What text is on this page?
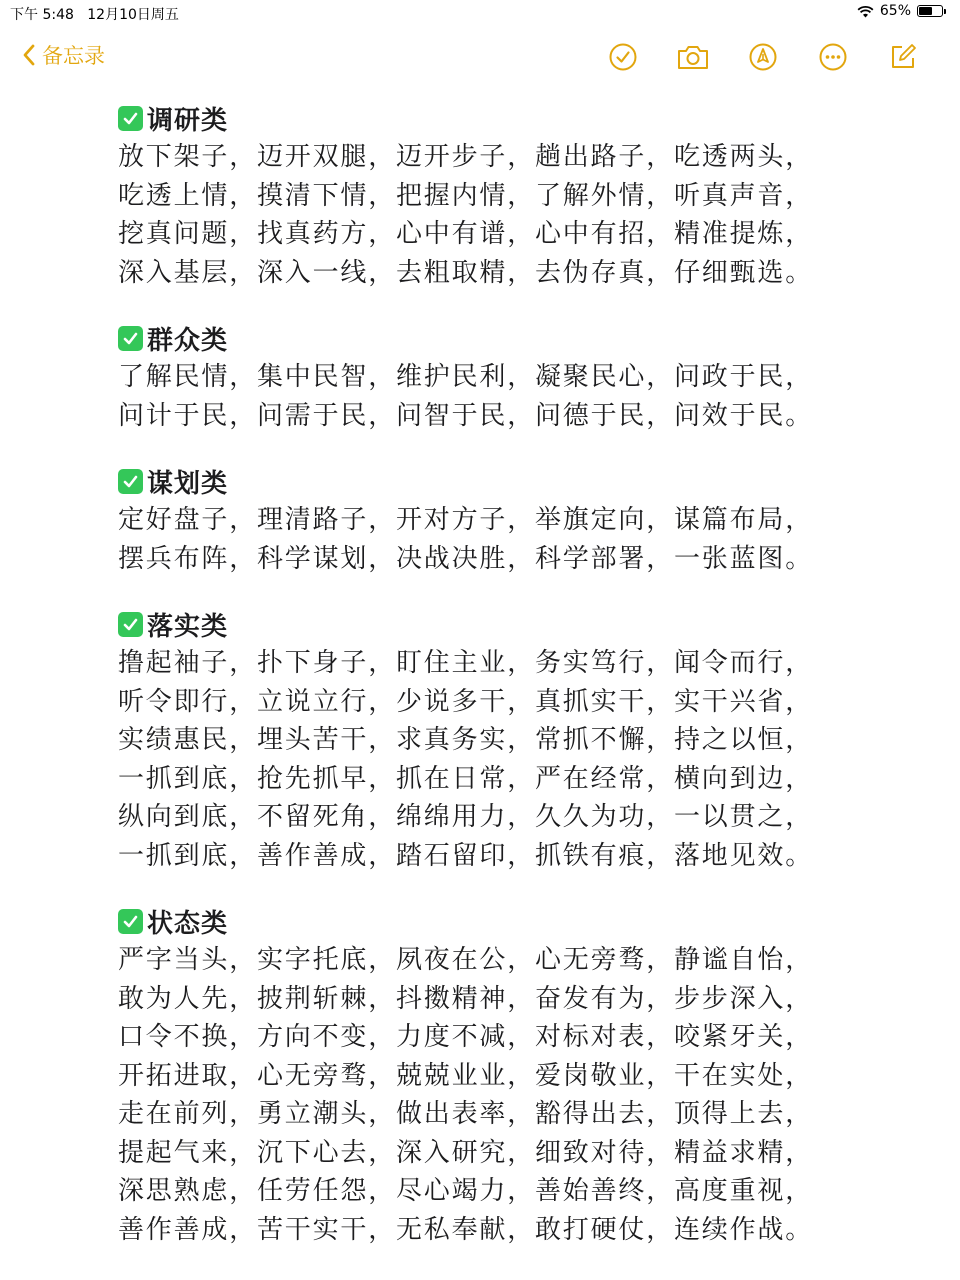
下午 5:48 12月10日周五	65%
备忘录
调研类
放下架子，迈开双腿，迈开步子，趟出路子，吃透两头，
吃透上情，摸清下情，把握内情，了解外情，听真声音，
挖真问题，找真药方，心中有谱，心中有招，精准提炼，
深入基层，深入一线，去粗取精，去伪存真，仔细甄选。
群众类
了解民情，集中民智，维护民利，凝聚民心，问政于民，
问计于民，问需于民，问智于民，问德于民，问效于民。
谋划类
定好盘子，理清路子，开对方子，举旗定向，谋篇布局，
摆兵布阵，科学谋划，决战决胜，科学部署，一张蓝图。
落实类
撸起袖子，扑下身子，盯住主业，务实笃行，闻令而行，
听令即行，立说立行，少说多干，真抓实干，实干兴省，
实绩惠民，埋头苦干，求真务实，常抓不懈，持之以恒，
一抓到底，抢先抓早，抓在日常，严在经常，横向到边，
纵向到底，不留死角，绵绵用力，久久为功，一以贯之，
一抓到底，善作善成，踏石留印，抓铁有痕，落地见效。
状态类
严字当头，实字托底，夙夜在公，心无旁骛，静谧自怡，
敢为人先，披荆斩棘，抖擞精神，奋发有为，步步深入，
口令不换，方向不变，力度不减，对标对表，咬紧牙关，
开拓进取，心无旁骛，兢兢业业，爱岗敬业，干在实处，
走在前列，勇立潮头，做出表率，豁得出去，顶得上去，
提起气来，沉下心去，深入研究，细致对待，精益求精，
深思熟虑，任劳任怨，尽心竭力，善始善终，高度重视，
善作善成，苦干实干，无私奉献，敢打硬仗，连续作战。
